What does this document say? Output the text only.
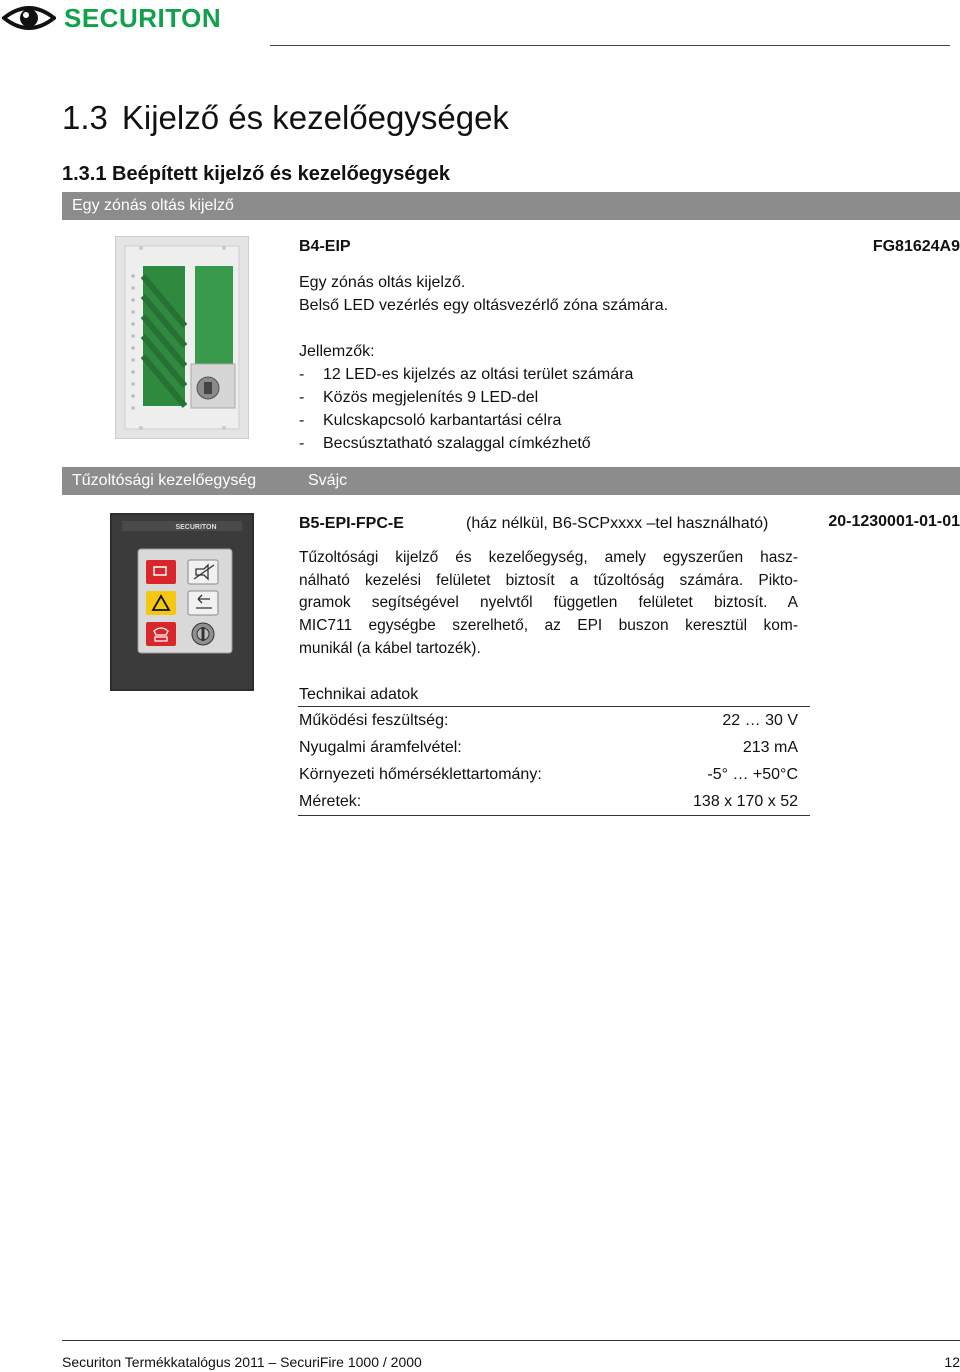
SECURITON
1.3 Kijelző és kezelőegységek
1.3.1 Beépített kijelző és kezelőegységek
Egy zónás oltás kijelző
B4-EIP	FG81624A9
Egy zónás oltás kijelző.
Belső LED vezérlés egy oltásvezérlő zóna számára.
Jellemzők:
- 12 LED-es kijelzés az oltási terület számára
- Közös megjelenítés 9 LED-del
- Kulcskapcsoló karbantartási célra
- Becsúsztatható szalaggal címkézhető
Tűzoltósági kezelőegység	Svájc
SECURITON	B5-EPI-FPC-E	(ház nélkül, B6-SCPxxxx –tel használható)	20-1230001-01-01
Tűzoltósági kijelző és kezelőegység, amely egyszerűen hasz-
nálható kezelési felületet biztosít a tűzoltóság számára. Pikto-
gramok segítségével nyelvtől független felületet biztosít. A
MIC711 egységbe szerelhető, az EPI buszon keresztül kom-
munikál (a kábel tartozék).
Technikai adatok
Működési feszültség:	22 … 30 V
Nyugalmi áramfelvétel:	213 mA
Környezeti hőmérséklettartomány:	-5° … +50°C
Méretek:	138 x 170 x 52
Securiton Termékkatalógus 2011 – SecuriFire 1000 / 2000	12
